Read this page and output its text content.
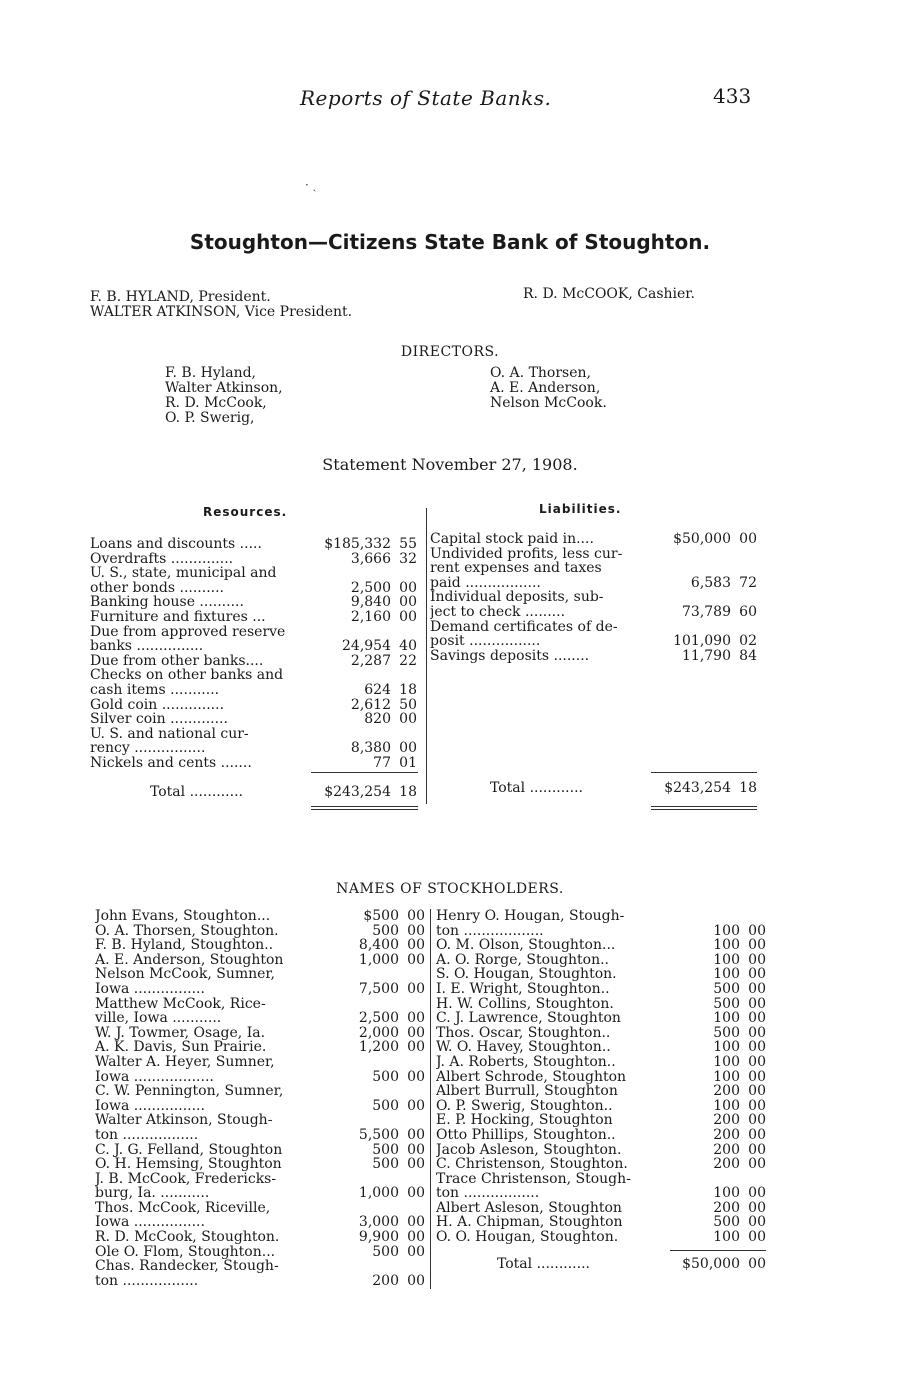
Reports of State Banks.	433
· ˏ
Stoughton—Citizens State Bank of Stoughton.
F. B. HYLAND, President.
WALTER ATKINSON, Vice President.
R. D. McCOOK, Cashier.
DIRECTORS.
F. B. Hyland,
Walter Atkinson,
R. D. McCook,
O. P. Swerig,
O. A. Thorsen,
A. E. Anderson,
Nelson McCook.
Statement November 27, 1908.
Resources.	Liabilities.
Loans and discounts .....	$185,332 55
Overdrafts ..............	3,666 32
U. S., state, municipal and
other bonds ..........	2,500 00
Banking house ..........	9,840 00
Furniture and fixtures ...	2,160 00
Due from approved reserve
banks ...............	24,954 40
Due from other banks....	2,287 22
Checks on other banks and
cash items ...........	624 18
Gold coin ..............	2,612 50
Silver coin .............	820 00
U. S. and national cur-
rency ................	8,380 00
Nickels and cents .......	77 01
Capital stock paid in....	$50,000 00
Undivided profits, less cur-
rent expenses and taxes
paid .................	6,583 72
Individual deposits, sub-
ject to check .........	73,789 60
Demand certificates of de-
posit ................	101,090 02
Savings deposits ........	11,790 84
Total ............	$243,254 18	Total ............	$243,254 18
NAMES OF STOCKHOLDERS.
John Evans, Stoughton...	$500 00
O. A. Thorsen, Stoughton.	500 00
F. B. Hyland, Stoughton..	8,400 00
A. E. Anderson, Stoughton	1,000 00
Nelson McCook, Sumner,
Iowa ................	7,500 00
Matthew McCook, Rice-
ville, Iowa ...........	2,500 00
W. J. Towmer, Osage, Ia.	2,000 00
A. K. Davis, Sun Prairie.	1,200 00
Walter A. Heyer, Sumner,
Iowa ..................	500 00
C. W. Pennington, Sumner,
Iowa ................	500 00
Walter Atkinson, Stough-
ton .................	5,500 00
C. J. G. Felland, Stoughton	500 00
O. H. Hemsing, Stoughton	500 00
J. B. McCook, Fredericks-
burg, Ia. ...........	1,000 00
Thos. McCook, Riceville,
Iowa ................	3,000 00
R. D. McCook, Stoughton.	9,900 00
Ole O. Flom, Stoughton...	500 00
Chas. Randecker, Stough-
ton .................	200 00
Henry O. Hougan, Stough-
ton ..................	100 00
O. M. Olson, Stoughton...	100 00
A. O. Rorge, Stoughton..	100 00
S. O. Hougan, Stoughton.	100 00
I. E. Wright, Stoughton..	500 00
H. W. Collins, Stoughton.	500 00
C. J. Lawrence, Stoughton	100 00
Thos. Oscar, Stoughton..	500 00
W. O. Havey, Stoughton..	100 00
J. A. Roberts, Stoughton..	100 00
Albert Schrode, Stoughton	100 00
Albert Burrull, Stoughton	200 00
O. P. Swerig, Stoughton..	100 00
E. P. Hocking, Stoughton	200 00
Otto Phillips, Stoughton..	200 00
Jacob Asleson, Stoughton.	200 00
C. Christenson, Stoughton.	200 00
Trace Christenson, Stough-
ton .................	100 00
Albert Asleson, Stoughton	200 00
H. A. Chipman, Stoughton	500 00
O. O. Hougan, Stoughton.	100 00
Total ............	$50,000 00
